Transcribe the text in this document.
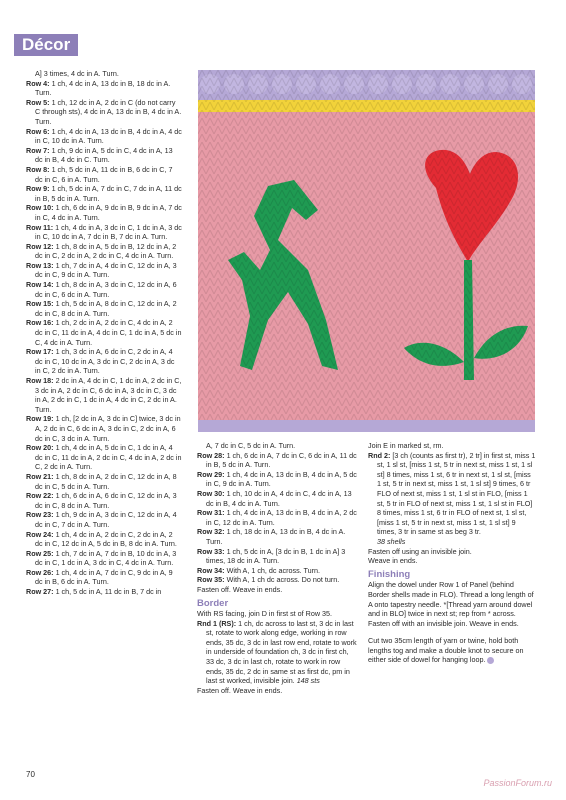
Décor

A] 3 times, 4 dc in A. Turn.

Row 4: 1 ch, 4 dc in A, 13 dc in B, 18 dc in A. Turn.

Row 5: 1 ch, 12 dc in A, 2 dc in C (do not carry C through sts), 4 dc in A, 13 dc in B, 4 dc in A. Turn.

Row 6: 1 ch, 4 dc in A, 13 dc in B, 4 dc in A, 4 dc in C, 10 dc in A. Turn.

Row 7: 1 ch, 9 dc in A, 5 dc in C, 4 dc in A, 13 dc in B, 4 dc in C. Turn.

Row 8: 1 ch, 5 dc in A, 11 dc in B, 6 dc in C, 7 dc in C, 6 in A. Turn.

Row 9: 1 ch, 5 dc in A, 7 dc in C, 7 dc in A, 11 dc in B, 5 dc in A. Turn.

Row 10: 1 ch, 6 dc in A, 9 dc in B, 9 dc in A, 7 dc in C, 4 dc in A. Turn.

Row 11: 1 ch, 4 dc in A, 3 dc in C, 1 dc in A, 3 dc in C, 10 dc in A, 7 dc in B, 7 dc in A. Turn.

Row 12: 1 ch, 8 dc in A, 5 dc in B, 12 dc in A, 2 dc in C, 2 dc in A, 2 dc in C, 4 dc in A. Turn.

Row 13: 1 ch, 7 dc in A, 4 dc in C, 12 dc in A, 3 dc in C, 9 dc in A. Turn.

Row 14: 1 ch, 8 dc in A, 3 dc in C, 12 dc in A, 6 dc in C, 6 dc in A. Turn.

Row 15: 1 ch, 5 dc in A, 8 dc in C, 12 dc in A, 2 dc in C, 8 dc in A. Turn.

Row 16: 1 ch, 2 dc in A, 2 dc in C, 4 dc in A, 2 dc in C, 11 dc in A, 4 dc in C, 1 dc in A, 5 dc in C, 4 dc in A. Turn.

Row 17: 1 ch, 3 dc in A, 6 dc in C, 2 dc in A, 4 dc in C, 10 dc in A, 3 dc in C, 2 dc in A, 3 dc in C, 2 dc in A. Turn.

Row 18: 2 dc in A, 4 dc in C, 1 dc in A, 2 dc in C, 3 dc in A, 2 dc in C, 6 dc in A, 3 dc in C, 3 dc in A, 2 dc in C, 1 dc in A, 4 dc in C, 2 dc in A. Turn.

Row 19: 1 ch, [2 dc in A, 3 dc in C] twice, 3 dc in A, 2 dc in C, 6 dc in A, 3 dc in C, 2 dc in A, 6 dc in C, 3 dc in A. Turn.

Row 20: 1 ch, 4 dc in A, 5 dc in C, 1 dc in A, 4 dc in C, 11 dc in A, 2 dc in C, 4 dc in A, 2 dc in C, 2 dc in A. Turn.

Row 21: 1 ch, 8 dc in A, 2 dc in C, 12 dc in A, 8 dc in C, 5 dc in A. Turn.

Row 22: 1 ch, 6 dc in A, 6 dc in C, 12 dc in A, 3 dc in C, 8 dc in A. Turn.

Row 23: 1 ch, 9 dc in A, 3 dc in C, 12 dc in A, 4 dc in C, 7 dc in A. Turn.

Row 24: 1 ch, 4 dc in A, 2 dc in C, 2 dc in A, 2 dc in C, 12 dc in A, 5 dc in B, 8 dc in A. Turn.

Row 25: 1 ch, 7 dc in A, 7 dc in B, 10 dc in A, 3 dc in C, 1 dc in A, 3 dc in C, 4 dc in A. Turn.

Row 26: 1 ch, 4 dc in A, 7 dc in C, 9 dc in A, 9 dc in B, 6 dc in A. Turn.

Row 27: 1 ch, 5 dc in A, 11 dc in B, 7 dc in

A, 7 dc in C, 5 dc in A. Turn.

Row 28: 1 ch, 6 dc in A, 7 dc in C, 6 dc in A, 11 dc in B, 5 dc in A. Turn.

Row 29: 1 ch, 4 dc in A, 13 dc in B, 4 dc in A, 5 dc in C, 9 dc in A. Turn.

Row 30: 1 ch, 10 dc in A, 4 dc in C, 4 dc in A, 13 dc in B, 4 dc in A. Turn.

Row 31: 1 ch, 4 dc in A, 13 dc in B, 4 dc in A, 2 dc in C, 12 dc in A. Turn.

Row 32: 1 ch, 18 dc in A, 13 dc in B, 4 dc in A. Turn.

Row 33: 1 ch, 5 dc in A, [3 dc in B, 1 dc in A] 3 times, 18 dc in A. Turn.

Row 34: With A, 1 ch, dc across. Turn.

Row 35: With A, 1 ch dc across. Do not turn.

Fasten off. Weave in ends.

Border

With RS facing, join D in first st of Row 35.

Rnd 1 (RS): 1 ch, dc across to last st, 3 dc in last st, rotate to work along edge, working in row ends, 35 dc, 3 dc in last row end, rotate to work in underside of foundation ch, 3 dc in first ch, 33 dc, 3 dc in last ch, rotate to work in row ends, 35 dc, 2 dc in same st as first dc, pm in last st worked, invisible join. 148 sts

Fasten off. Weave in ends.

Join E in marked st, rm.

Rnd 2: [3 ch (counts as first tr), 2 tr] in first st, miss 1 st, 1 sl st, [miss 1 st, 5 tr in next st, miss 1 st, 1 sl st] 8 times, miss 1 st, 6 tr in next st, 1 sl st, [miss 1 st, 5 tr in next st, miss 1 st, 1 sl st] 9 times, 6 tr FLO of next st, miss 1 st, 1 sl st in FLO, [miss 1 st, 5 tr in FLO of next st, miss 1 st, 1 sl st in FLO] 8 times, miss 1 st, 6 tr in FLO of next st, 1 sl st, [miss 1 st, 5 tr in next st, miss 1 st, 1 sl st] 9 times, 3 tr in same st as beg 3 tr.

38 shells

Fasten off using an invisible join.

Weave in ends.

Finishing

Align the dowel under Row 1 of Panel (behind Border shells made in FLO). Thread a long length of A onto tapestry needle. *[Thread yarn around dowel and in BLO] twice in next st; rep from * across. Fasten off with an invisible join. Weave in ends.

Cut two 35cm length of yarn or twine, hold both lengths tog and make a double knot to secure on either side of dowel for hanging loop.

70
PassionForum.ru
